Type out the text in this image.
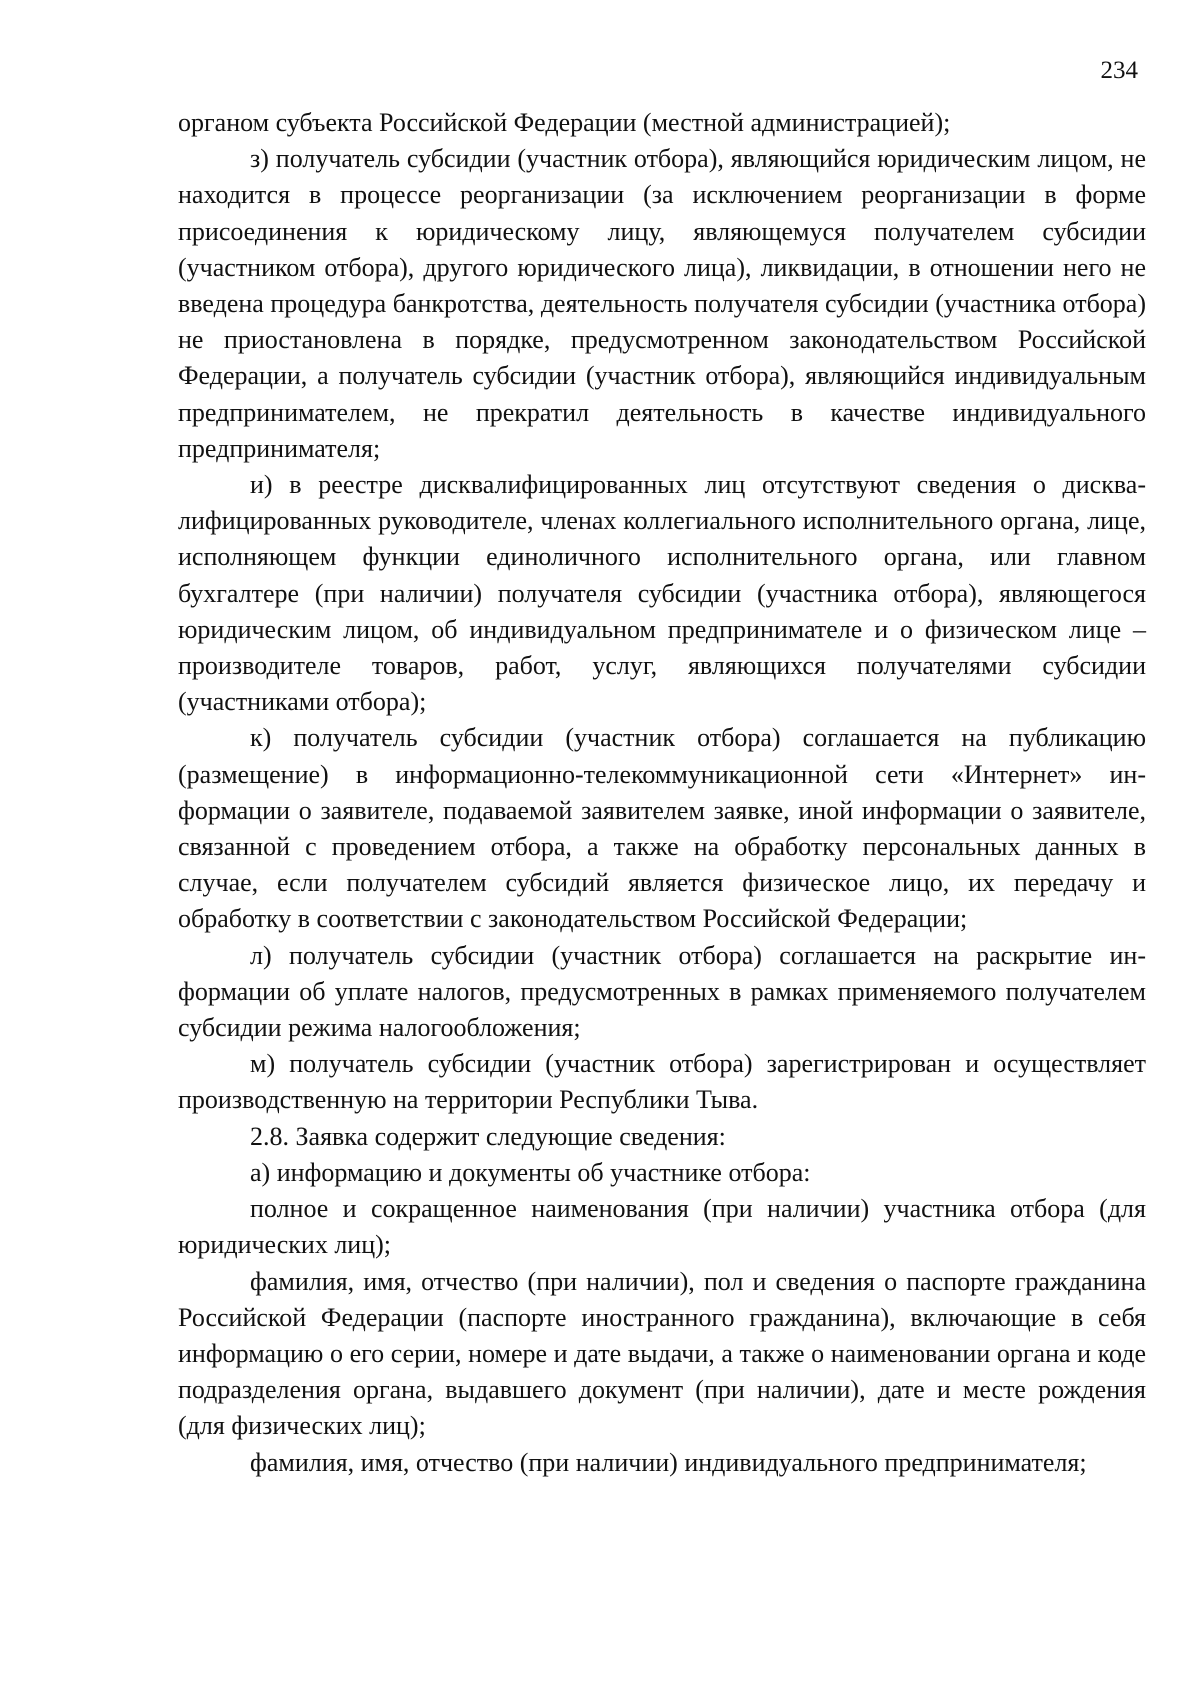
234

органом субъекта Российской Федерации (местной администрацией);

з) получатель субсидии (участник отбора), являющийся юридическим лицом, не находится в процессе реорганизации (за исключением реорганизации в форме присоединения к юридическому лицу, являющемуся получателем субсидии (участником отбора), другого юридического лица), ликвидации, в отношении него не введена процедура банкротства, деятельность получателя субсидии (участника отбора) не приостановлена в порядке, предусмотренном законодательством Российской Федерации, а получатель субсидии (участник отбора), являющийся индивидуальным предпринимателем, не прекратил деятельность в качестве индивидуального предпринимателя;

и) в реестре дисквалифицированных лиц отсутствуют сведения о дисквалифицированных руководителе, членах коллегиального исполнительного органа, лице, исполняющем функции единоличного исполнительного органа, или главном бухгалтере (при наличии) получателя субсидии (участника отбора), являющегося юридическим лицом, об индивидуальном предпринимателе и о физическом лице – производителе товаров, работ, услуг, являющихся получателями субсидии (участниками отбора);

к) получатель субсидии (участник отбора) соглашается на публикацию (размещение) в информационно-телекоммуникационной сети «Интернет» информации о заявителе, подаваемой заявителем заявке, иной информации о заявителе, связанной с проведением отбора, а также на обработку персональных данных в случае, если получателем субсидий является физическое лицо, их передачу и обработку в соответствии с законодательством Российской Федерации;

л) получатель субсидии (участник отбора) соглашается на раскрытие информации об уплате налогов, предусмотренных в рамках применяемого получателем субсидии режима налогообложения;

м) получатель субсидии (участник отбора) зарегистрирован и осуществляет производственную на территории Республики Тыва.

2.8. Заявка содержит следующие сведения:

а) информацию и документы об участнике отбора:

полное и сокращенное наименования (при наличии) участника отбора (для юридических лиц);

фамилия, имя, отчество (при наличии), пол и сведения о паспорте гражданина Российской Федерации (паспорте иностранного гражданина), включающие в себя информацию о его серии, номере и дате выдачи, а также о наименовании органа и коде подразделения органа, выдавшего документ (при наличии), дате и месте рождения (для физических лиц);

фамилия, имя, отчество (при наличии) индивидуального предпринимателя;
